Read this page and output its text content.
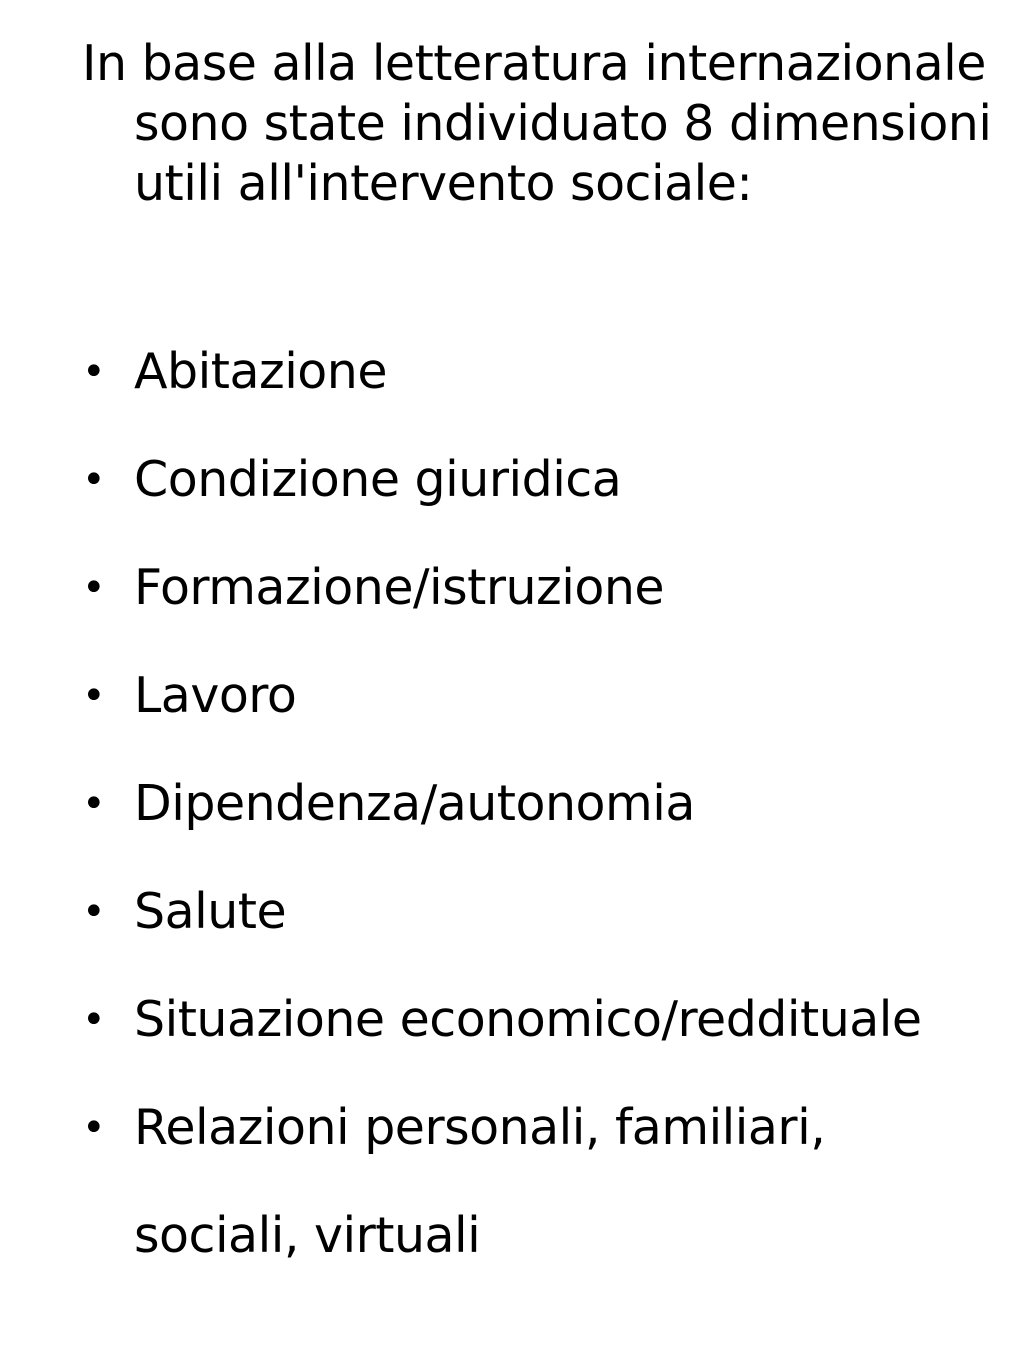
In base alla letteratura internazionale sono state individuato 8 dimensioni utili all'intervento sociale:

• Abitazione
• Condizione giuridica
• Formazione/istruzione
• Lavoro
• Dipendenza/autonomia
• Salute
• Situazione economico/reddituale
• Relazioni personali, familiari, sociali, virtuali
